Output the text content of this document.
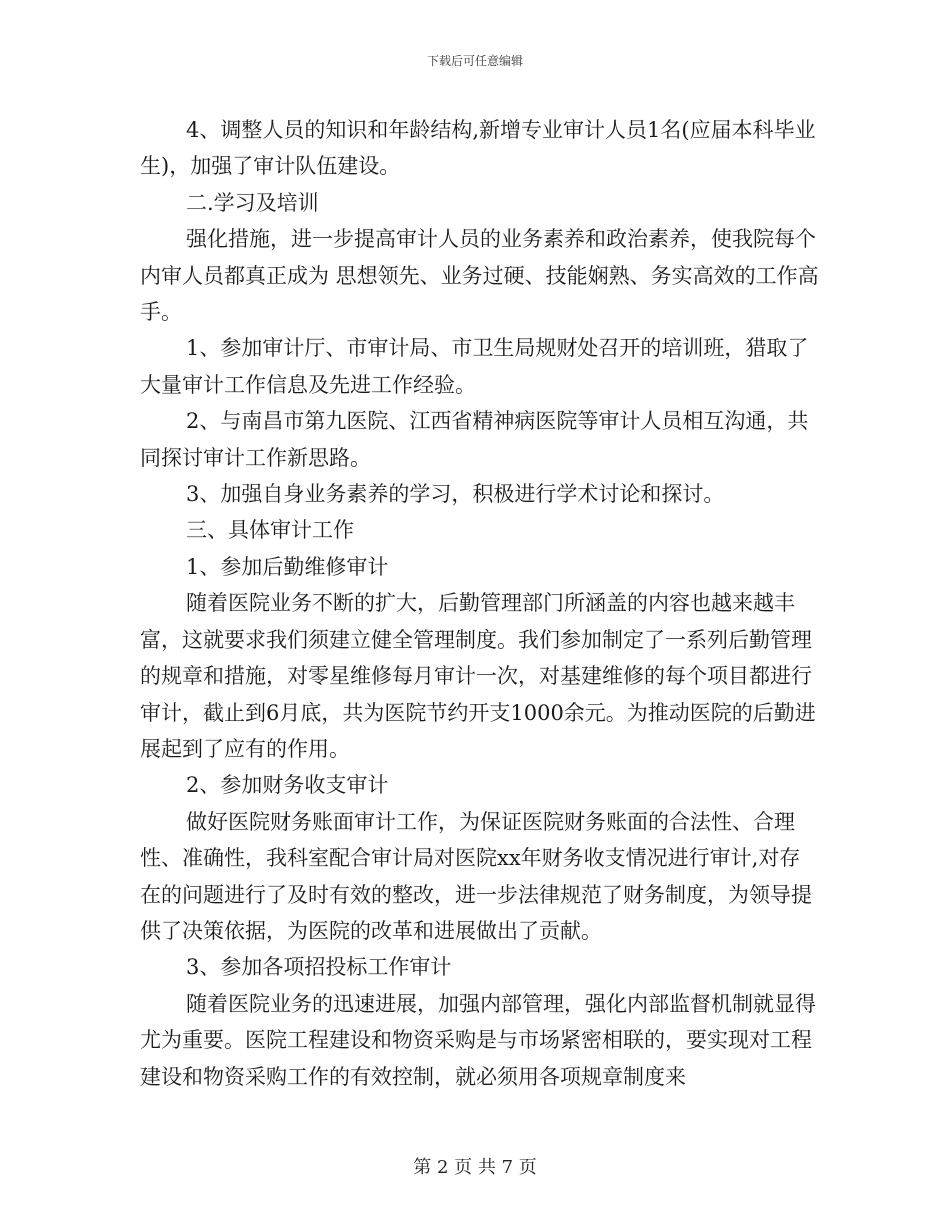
下载后可任意编辑

4、调整人员的知识和年龄结构,新增专业审计人员1名(应届本科毕业生)，加强了审计队伍建设。

二.学习及培训

强化措施，进一步提高审计人员的业务素养和政治素养，使我院每个内审人员都真正成为 思想领先、业务过硬、技能娴熟、务实高效的工作高手。

1、参加审计厅、市审计局、市卫生局规财处召开的培训班，猎取了大量审计工作信息及先进工作经验。

2、与南昌市第九医院、江西省精神病医院等审计人员相互沟通，共同探讨审计工作新思路。

3、加强自身业务素养的学习，积极进行学术讨论和探讨。

三、具体审计工作

1、参加后勤维修审计

随着医院业务不断的扩大，后勤管理部门所涵盖的内容也越来越丰富，这就要求我们须建立健全管理制度。我们参加制定了一系列后勤管理的规章和措施，对零星维修每月审计一次，对基建维修的每个项目都进行审计，截止到6月底，共为医院节约开支1000余元。为推动医院的后勤进展起到了应有的作用。

2、参加财务收支审计

做好医院财务账面审计工作，为保证医院财务账面的合法性、合理性、准确性，我科室配合审计局对医院xx年财务收支情况进行审计,对存在的问题进行了及时有效的整改，进一步法律规范了财务制度，为领导提供了决策依据，为医院的改革和进展做出了贡献。

3、参加各项招投标工作审计

随着医院业务的迅速进展，加强内部管理，强化内部监督机制就显得尤为重要。医院工程建设和物资采购是与市场紧密相联的，要实现对工程建设和物资采购工作的有效控制，就必须用各项规章制度来

第 2 页 共 7 页
